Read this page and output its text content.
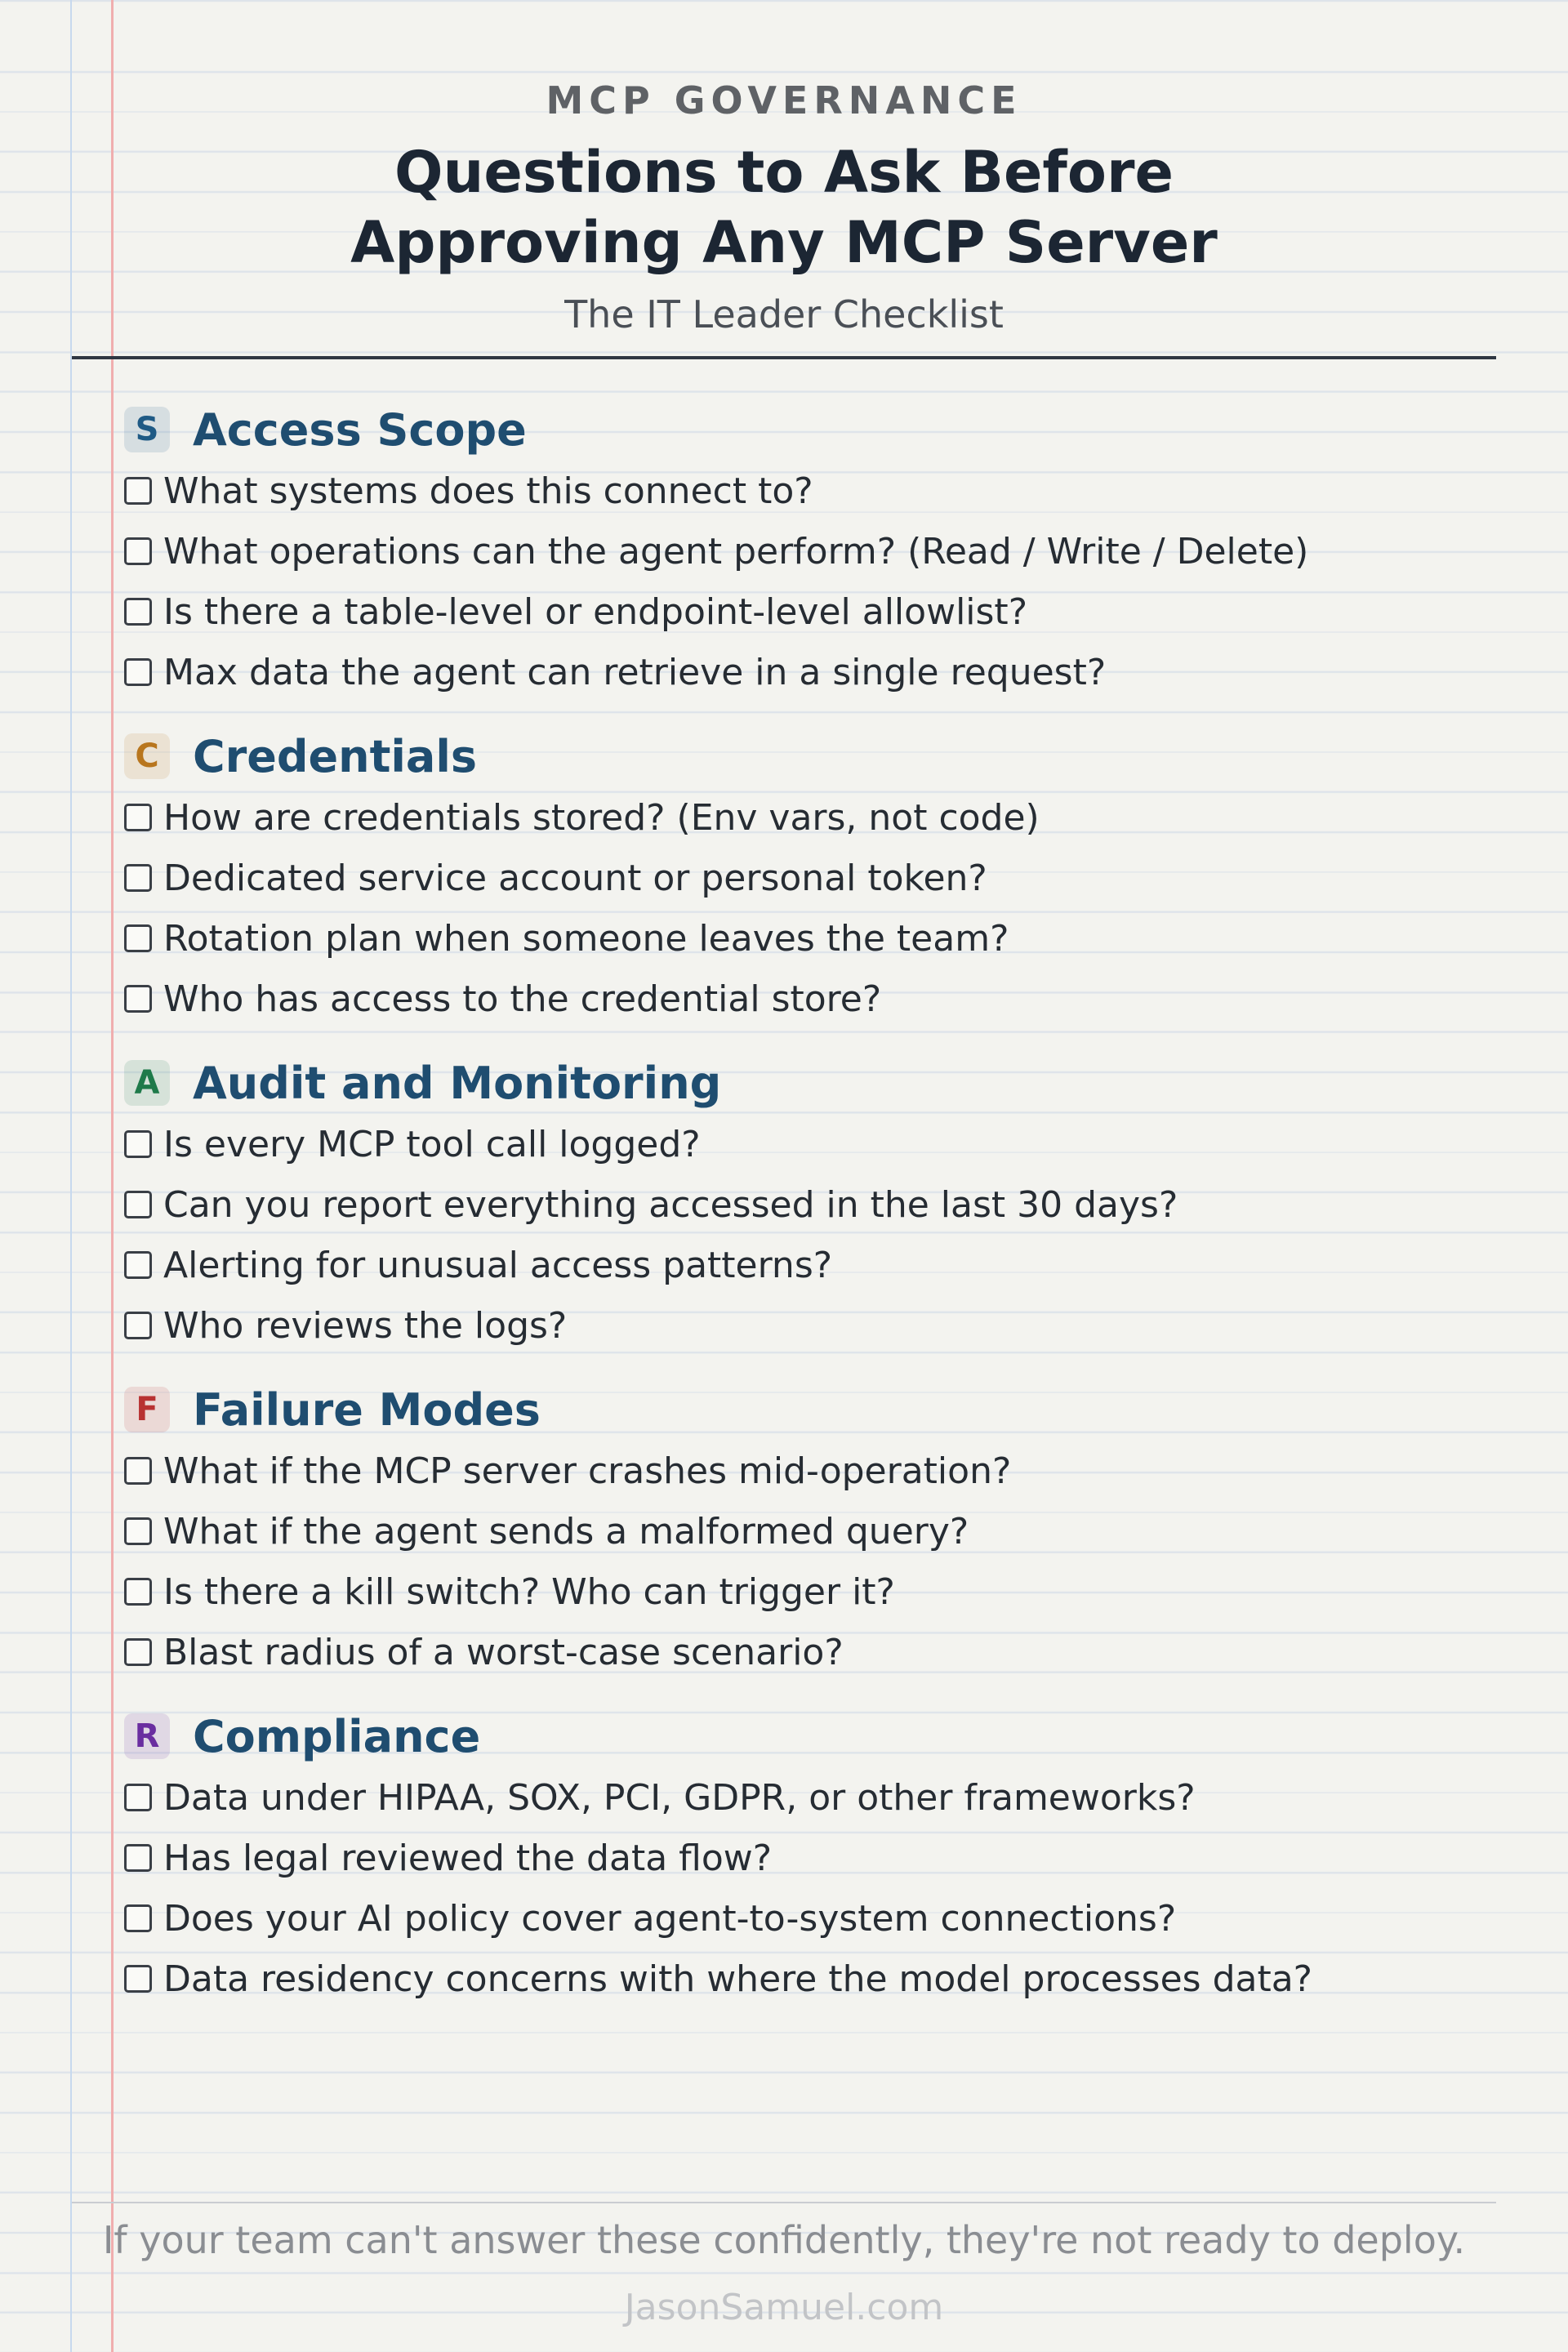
MCP GOVERNANCE
Questions to Ask Before
Approving Any MCP Server
The IT Leader Checklist
S Access Scope
What systems does this connect to?
What operations can the agent perform? (Read / Write / Delete)
Is there a table-level or endpoint-level allowlist?
Max data the agent can retrieve in a single request?
C Credentials
How are credentials stored? (Env vars, not code)
Dedicated service account or personal token?
Rotation plan when someone leaves the team?
Who has access to the credential store?
A Audit and Monitoring
Is every MCP tool call logged?
Can you report everything accessed in the last 30 days?
Alerting for unusual access patterns?
Who reviews the logs?
F Failure Modes
What if the MCP server crashes mid-operation?
What if the agent sends a malformed query?
Is there a kill switch? Who can trigger it?
Blast radius of a worst-case scenario?
R Compliance
Data under HIPAA, SOX, PCI, GDPR, or other frameworks?
Has legal reviewed the data flow?
Does your AI policy cover agent-to-system connections?
Data residency concerns with where the model processes data?
If your team can't answer these confidently, they're not ready to deploy.
JasonSamuel.com
